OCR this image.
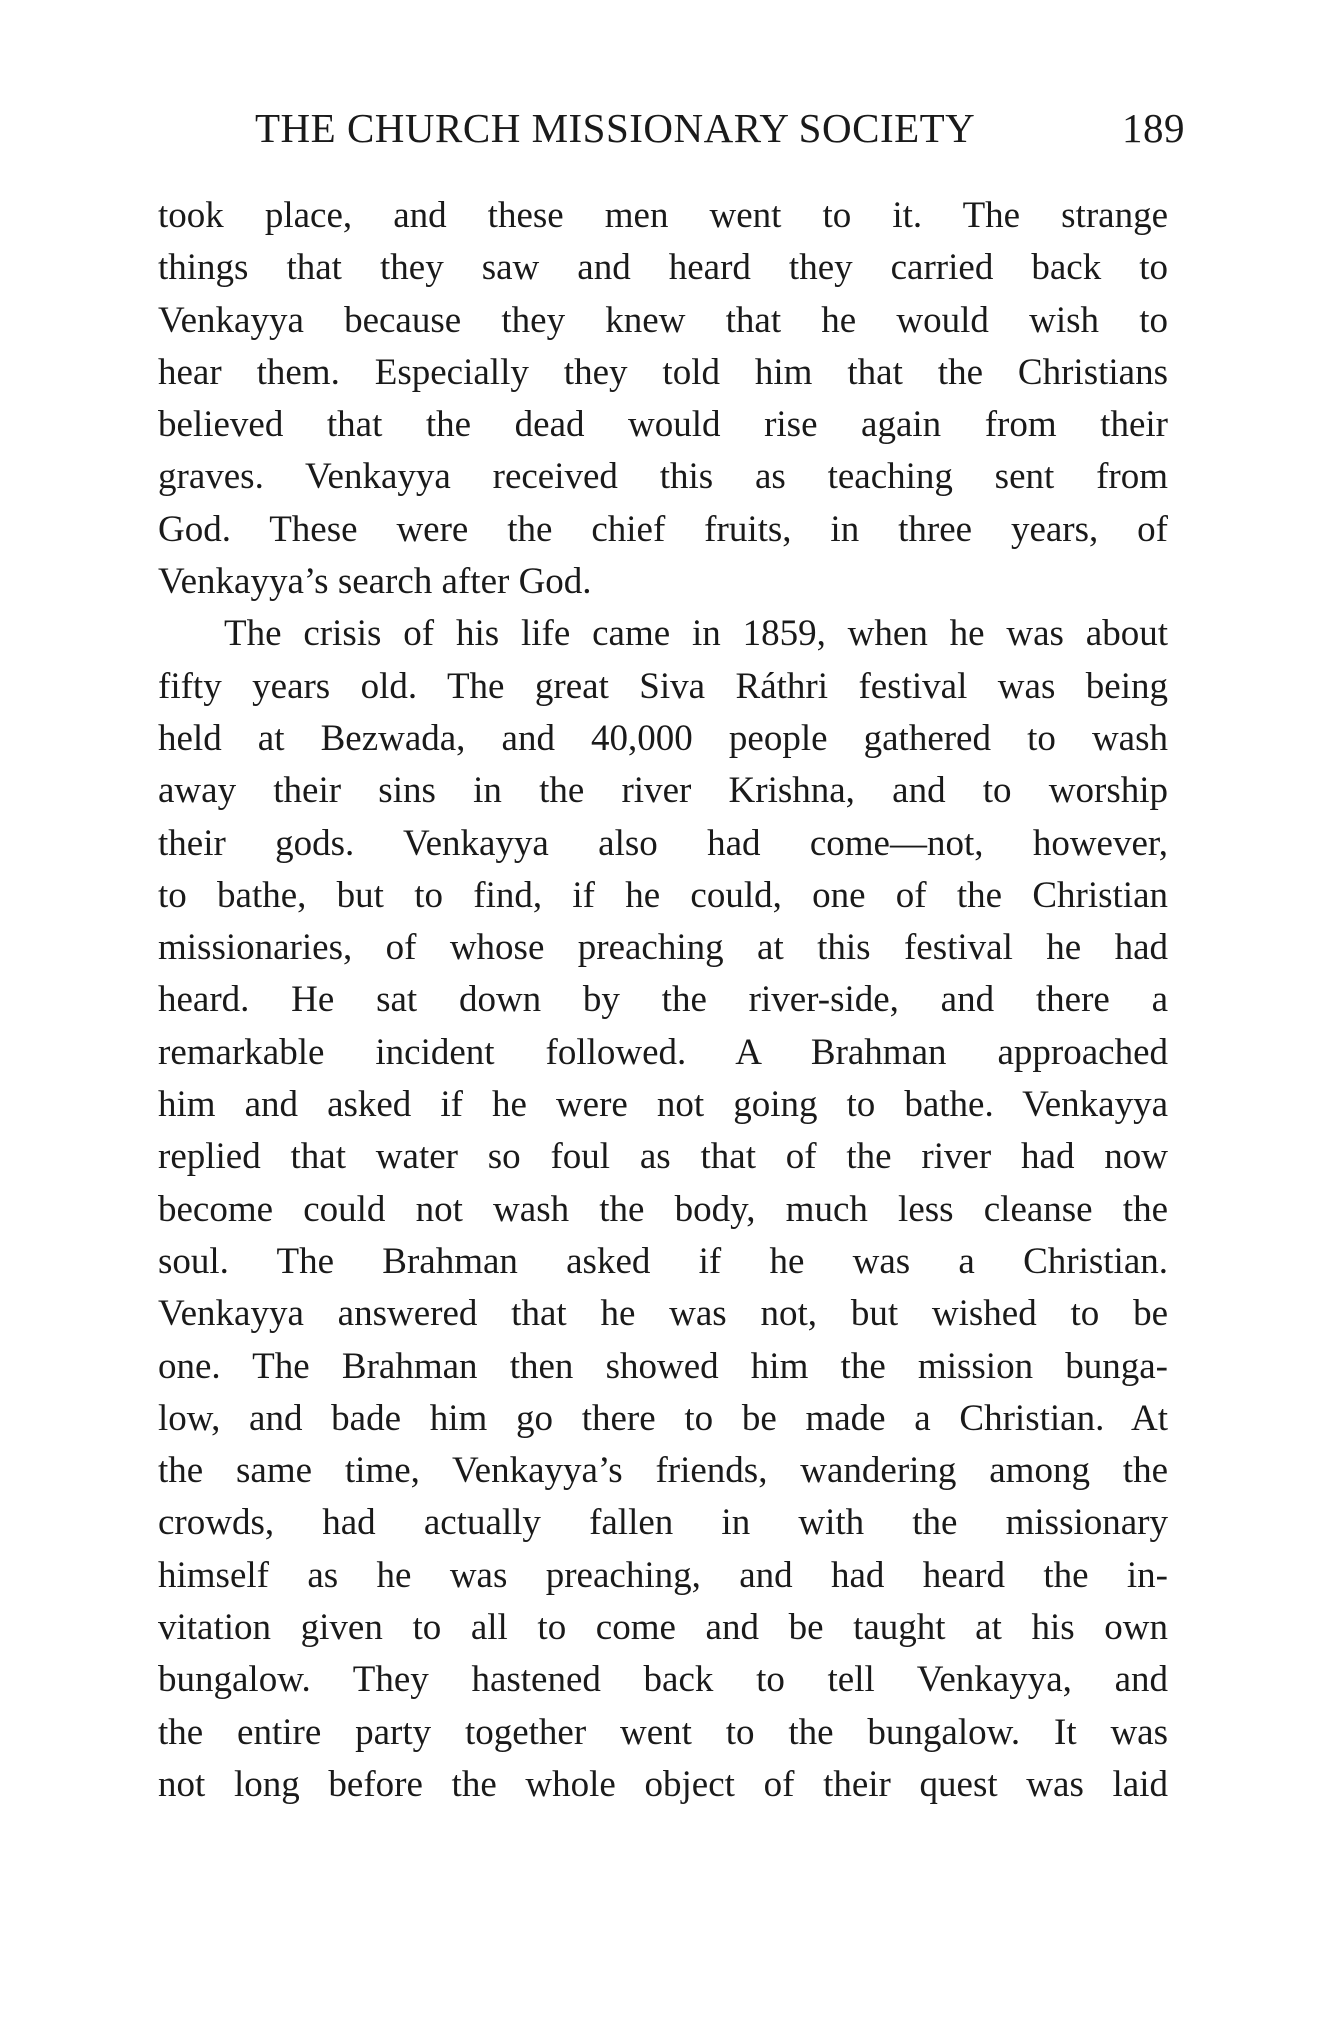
THE CHURCH MISSIONARY SOCIETY	189
took place, and these men went to it. The strange
things that they saw and heard they carried back to
Venkayya because they knew that he would wish to
hear them. Especially they told him that the Christians
believed that the dead would rise again from their
graves. Venkayya received this as teaching sent from
God. These were the chief fruits, in three years, of
Venkayya’s search after God.
The crisis of his life came in 1859, when he was about
fifty years old. The great Siva Ráthri festival was being
held at Bezwada, and 40,000 people gathered to wash
away their sins in the river Krishna, and to worship
their gods. Venkayya also had come—not, however,
to bathe, but to find, if he could, one of the Christian
missionaries, of whose preaching at this festival he had
heard. He sat down by the river-side, and there a
remarkable incident followed. A Brahman approached
him and asked if he were not going to bathe. Venkayya
replied that water so foul as that of the river had now
become could not wash the body, much less cleanse the
soul. The Brahman asked if he was a Christian.
Venkayya answered that he was not, but wished to be
one. The Brahman then showed him the mission bunga-
low, and bade him go there to be made a Christian. At
the same time, Venkayya’s friends, wandering among the
crowds, had actually fallen in with the missionary
himself as he was preaching, and had heard the in-
vitation given to all to come and be taught at his own
bungalow. They hastened back to tell Venkayya, and
the entire party together went to the bungalow. It was
not long before the whole object of their quest was laid
